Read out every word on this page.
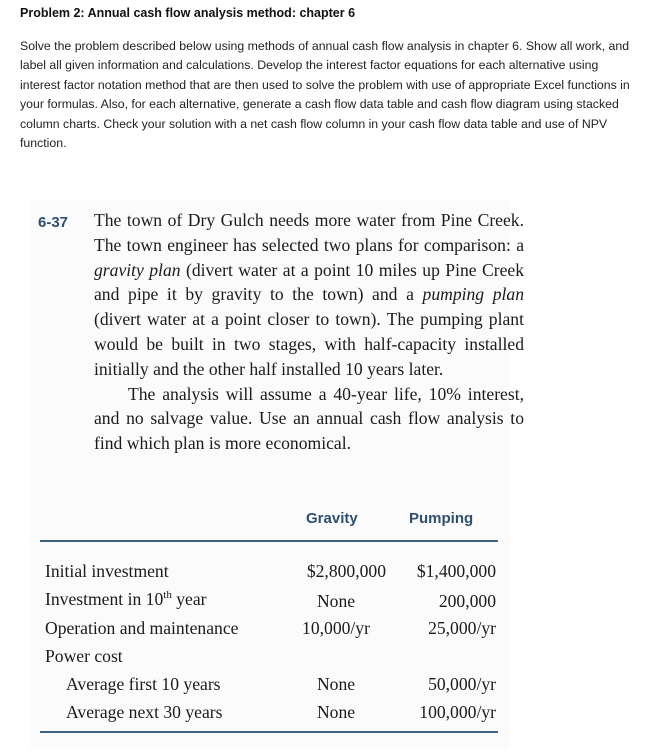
Problem 2: Annual cash flow analysis method: chapter 6
Solve the problem described below using methods of annual cash flow analysis in chapter 6. Show all work, and label all given information and calculations. Develop the interest factor equations for each alternative using interest factor notation method that are then used to solve the problem with use of appropriate Excel functions in your formulas. Also, for each alternative, generate a cash flow data table and cash flow diagram using stacked column charts. Check your solution with a net cash flow column in your cash flow data table and use of NPV function.
6-37 The town of Dry Gulch needs more water from Pine Creek. The town engineer has selected two plans for comparison: a gravity plan (divert water at a point 10 miles up Pine Creek and pipe it by gravity to the town) and a pumping plan (divert water at a point closer to town). The pumping plant would be built in two stages, with half-capacity installed initially and the other half installed 10 years later.

The analysis will assume a 40-year life, 10% interest, and no salvage value. Use an annual cash flow analysis to find which plan is more economical.

Gravity	Pumping
Initial investment	$2,800,000	$1,400,000
Investment in 10th year	None	200,000
Operation and maintenance	10,000/yr	25,000/yr
Power cost
Average first 10 years	None	50,000/yr
Average next 30 years	None	100,000/yr
